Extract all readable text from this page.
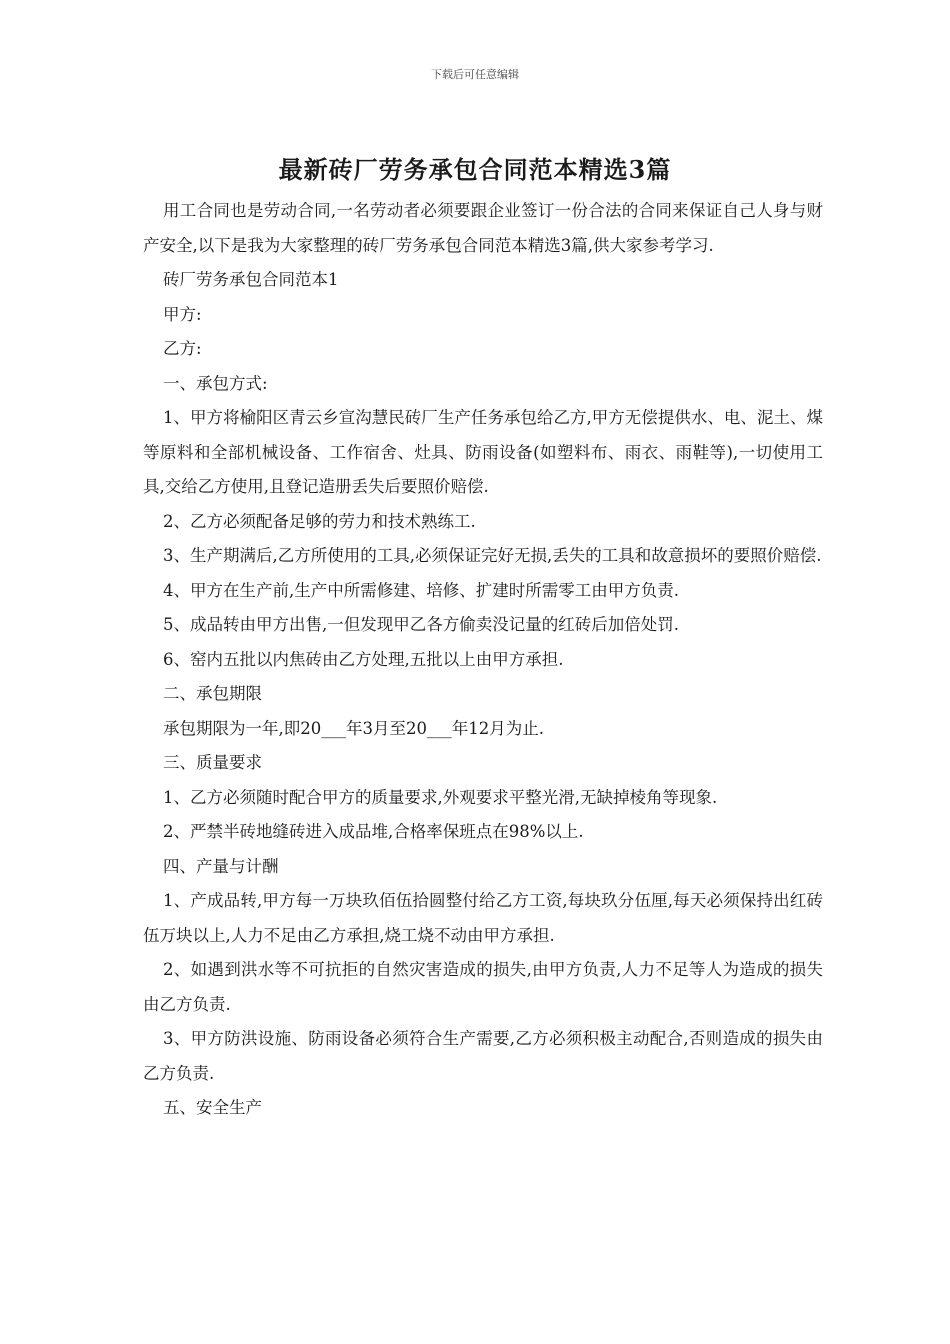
下载后可任意编辑
最新砖厂劳务承包合同范本精选3篇

用工合同也是劳动合同,一名劳动者必须要跟企业签订一份合法的合同来保证自己人身与财产安全,以下是我为大家整理的砖厂劳务承包合同范本精选3篇,供大家参考学习.

砖厂劳务承包合同范本1

甲方:

乙方:

一、承包方式:

1、甲方将榆阳区青云乡宣沟慧民砖厂生产任务承包给乙方,甲方无偿提供水、电、泥土、煤等原料和全部机械设备、工作宿舍、灶具、防雨设备(如塑料布、雨衣、雨鞋等),一切使用工具,交给乙方使用,且登记造册丢失后要照价赔偿.

2、乙方必须配备足够的劳力和技术熟练工.

3、生产期满后,乙方所使用的工具,必须保证完好无损,丢失的工具和故意损坏的要照价赔偿.

4、甲方在生产前,生产中所需修建、培修、扩建时所需零工由甲方负责.

5、成品转由甲方出售,一但发现甲乙各方偷卖没记量的红砖后加倍处罚.

6、窑内五批以内焦砖由乙方处理,五批以上由甲方承担.

二、承包期限

承包期限为一年,即20___年3月至20___年12月为止.

三、质量要求

1、乙方必须随时配合甲方的质量要求,外观要求平整光滑,无缺掉棱角等现象.

2、严禁半砖地缝砖进入成品堆,合格率保班点在98%以上.

四、产量与计酬

1、产成品转,甲方每一万块玖佰伍拾圆整付给乙方工资,每块玖分伍厘,每天必须保持出红砖伍万块以上,人力不足由乙方承担,烧工烧不动由甲方承担.

2、如遇到洪水等不可抗拒的自然灾害造成的损失,由甲方负责,人力不足等人为造成的损失由乙方负责.

3、甲方防洪设施、防雨设备必须符合生产需要,乙方必须积极主动配合,否则造成的损失由乙方负责.

五、安全生产
